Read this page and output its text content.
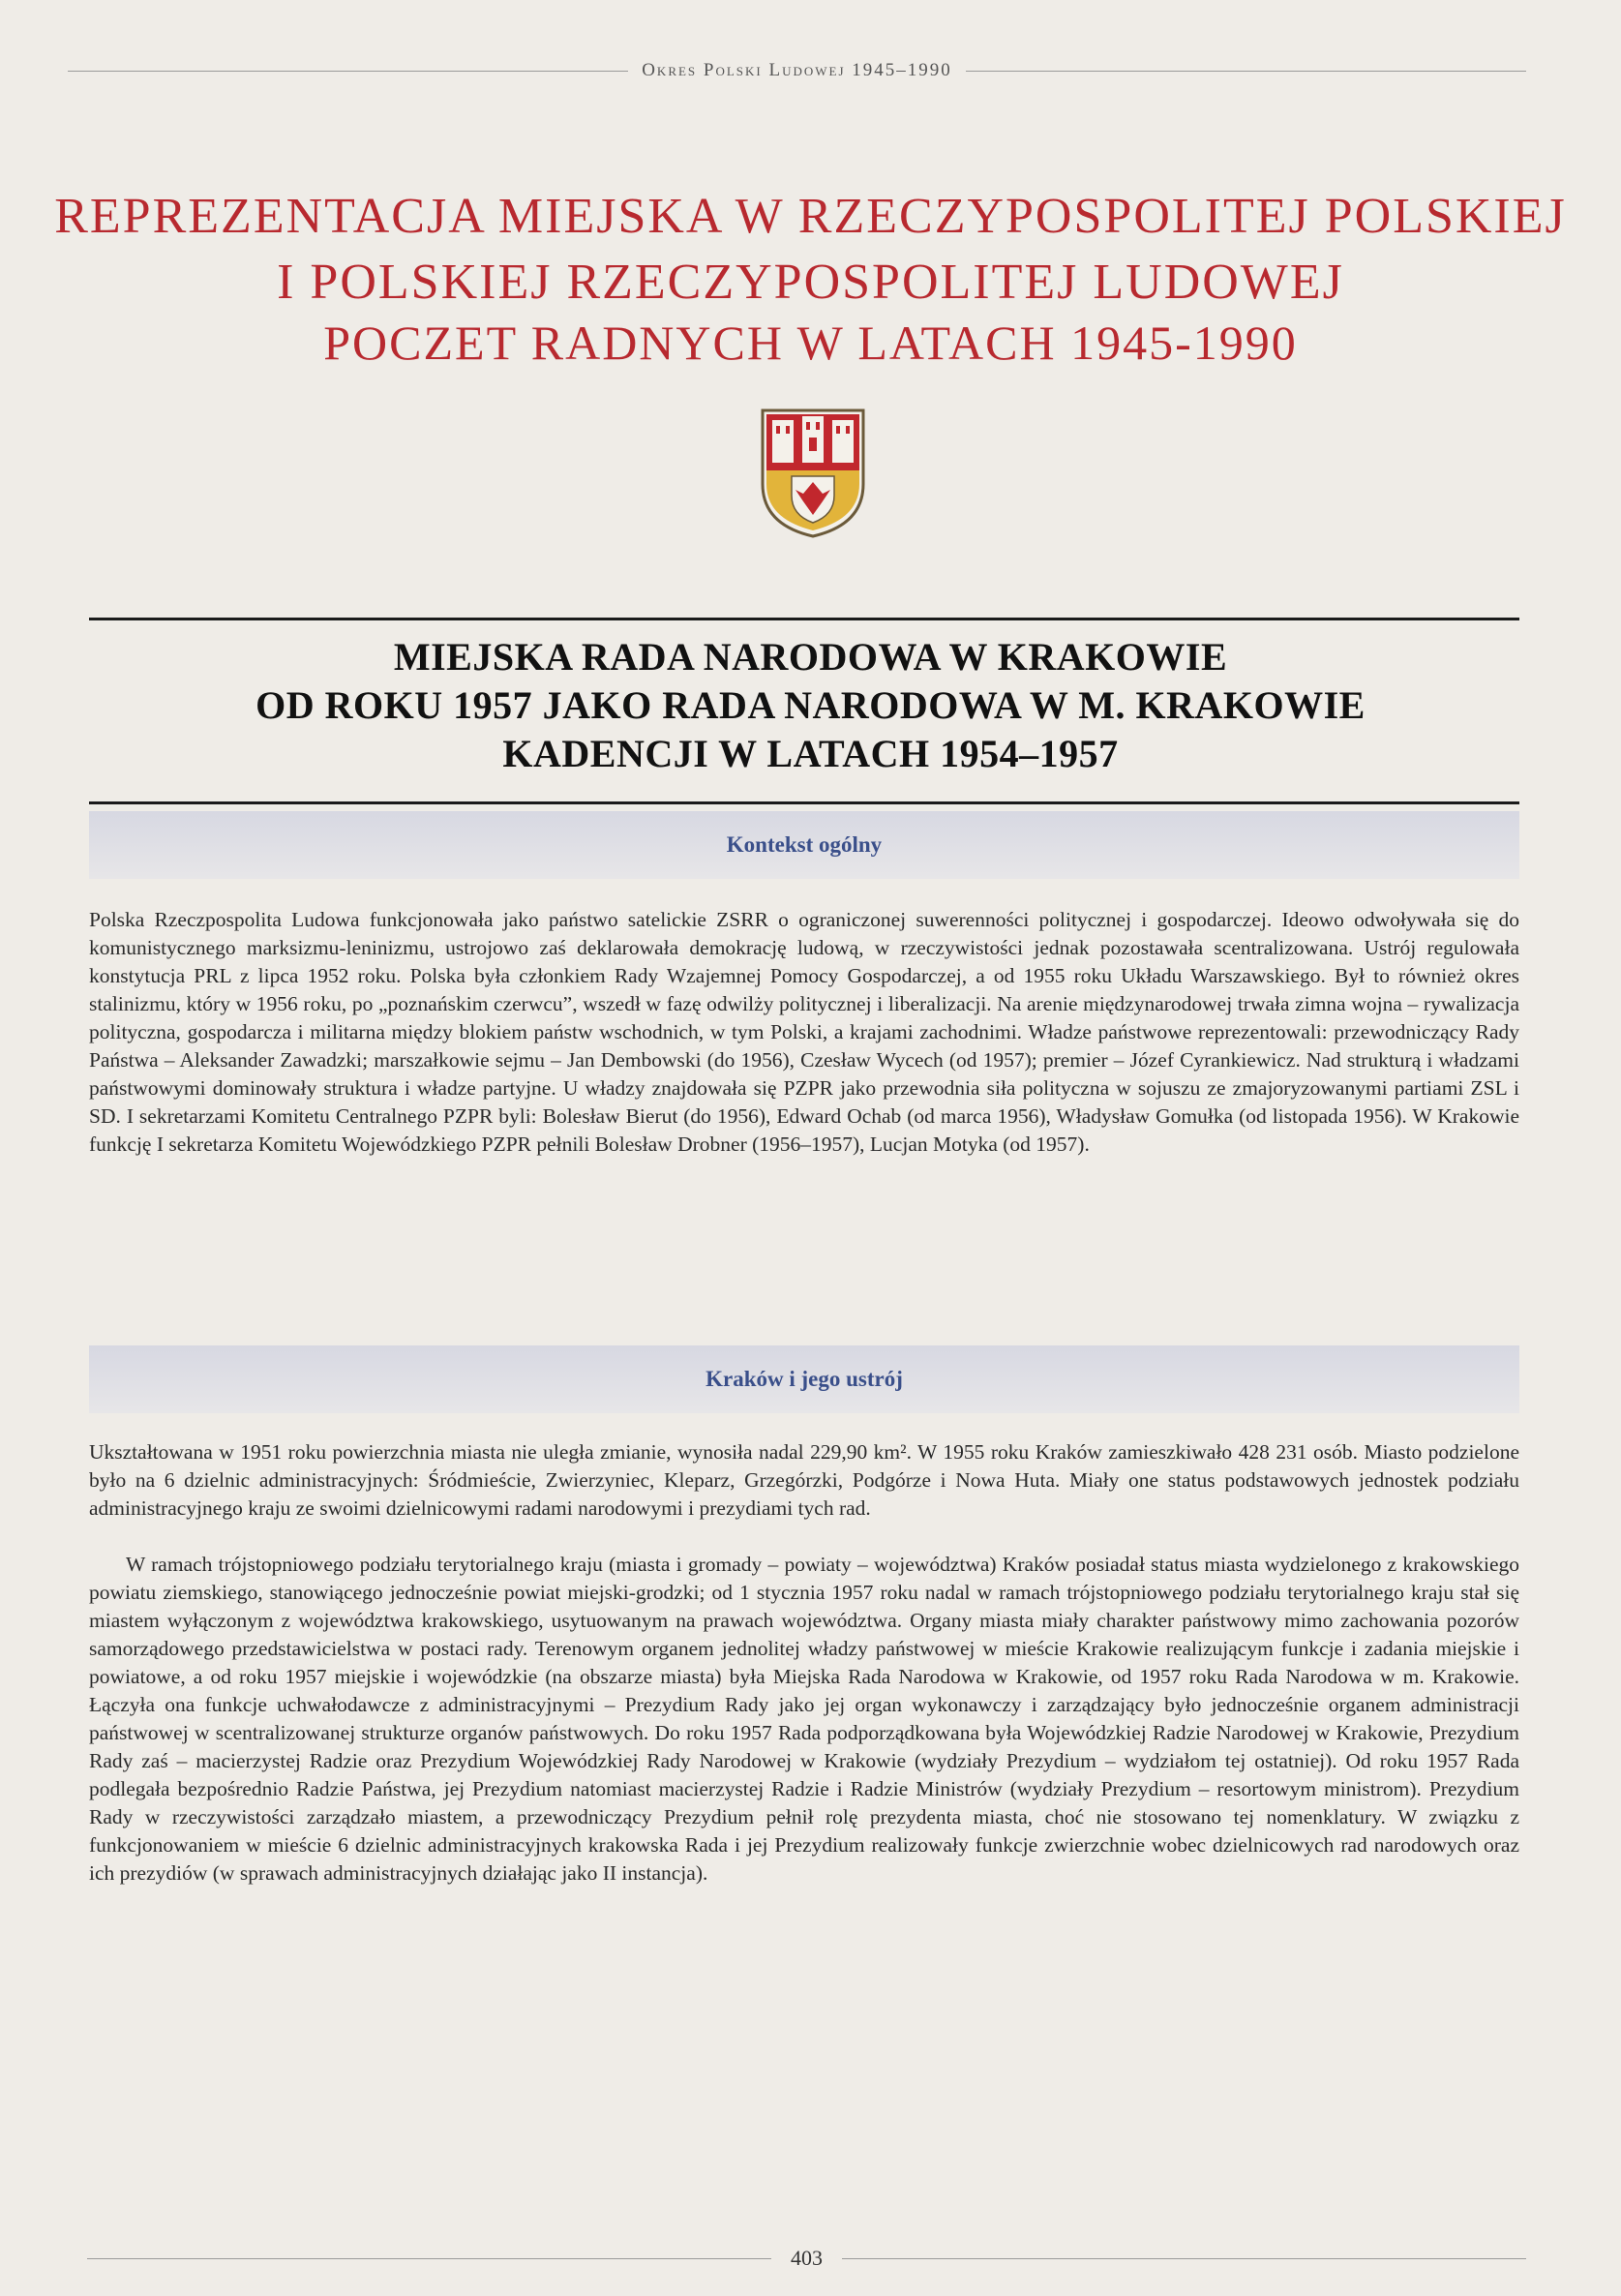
Okres Polski Ludowej 1945–1990
REPREZENTACJA MIEJSKA W RZECZYPOSPOLITEJ POLSKIEJ
I POLSKIEJ RZECZYPOSPOLITEJ LUDOWEJ
POCZET RADNYCH W LATACH 1945-1990
MIEJSKA RADA NARODOWA W KRAKOWIE
OD ROKU 1957 JAKO RADA NARODOWA W M. KRAKOWIE
KADENCJI W LATACH 1954–1957
Kontekst ogólny

Polska Rzeczpospolita Ludowa funkcjonowała jako państwo satelickie ZSRR o ograniczonej suwerenności politycznej i gospodarczej. Ideowo odwoływała się do komunistycznego marksizmu-leninizmu, ustrojowo zaś deklarowała demokrację ludową, w rzeczywistości jednak pozostawała scentralizowana. Ustrój regulowała konstytucja PRL z lipca 1952 roku. Polska była członkiem Rady Wzajemnej Pomocy Gospodarczej, a od 1955 roku Układu Warszawskiego. Był to również okres stalinizmu, który w 1956 roku, po „poznańskim czerwcu”, wszedł w fazę odwilży politycznej i liberalizacji. Na arenie międzynarodowej trwała zimna wojna – rywalizacja polityczna, gospodarcza i militarna między blokiem państw wschodnich, w tym Polski, a krajami zachodnimi. Władze państwowe reprezentowali: przewodniczący Rady Państwa – Aleksander Zawadzki; marszałkowie sejmu – Jan Dembowski (do 1956), Czesław Wycech (od 1957); premier – Józef Cyrankiewicz. Nad strukturą i władzami państwowymi dominowały struktura i władze partyjne. U władzy znajdowała się PZPR jako przewodnia siła polityczna w sojuszu ze zmajoryzowanymi partiami ZSL i SD. I sekretarzami Komitetu Centralnego PZPR byli: Bolesław Bierut (do 1956), Edward Ochab (od marca 1956), Władysław Gomułka (od listopada 1956). W Krakowie funkcję I sekretarza Komitetu Wojewódzkiego PZPR pełnili Bolesław Drobner (1956–1957), Lucjan Motyka (od 1957).

Kraków i jego ustrój

Ukształtowana w 1951 roku powierzchnia miasta nie uległa zmianie, wynosiła nadal 229,90 km². W 1955 roku Kraków zamieszkiwało 428 231 osób. Miasto podzielone było na 6 dzielnic administracyjnych: Śródmieście, Zwierzyniec, Kleparz, Grzegórzki, Podgórze i Nowa Huta. Miały one status podstawowych jednostek podziału administracyjnego kraju ze swoimi dzielnicowymi radami narodowymi i prezydiami tych rad.

W ramach trójstopniowego podziału terytorialnego kraju (miasta i gromady – powiaty – województwa) Kraków posiadał status miasta wydzielonego z krakowskiego powiatu ziemskiego, stanowiącego jednocześnie powiat miejski-grodzki; od 1 stycznia 1957 roku nadal w ramach trójstopniowego podziału terytorialnego kraju stał się miastem wyłączonym z województwa krakowskiego, usytuowanym na prawach województwa. Organy miasta miały charakter państwowy mimo zachowania pozorów samorządowego przedstawicielstwa w postaci rady. Terenowym organem jednolitej władzy państwowej w mieście Krakowie realizującym funkcje i zadania miejskie i powiatowe, a od roku 1957 miejskie i wojewódzkie (na obszarze miasta) była Miejska Rada Narodowa w Krakowie, od 1957 roku Rada Narodowa w m. Krakowie. Łączyła ona funkcje uchwałodawcze z administracyjnymi – Prezydium Rady jako jej organ wykonawczy i zarządzający było jednocześnie organem administracji państwowej w scentralizowanej strukturze organów państwowych. Do roku 1957 Rada podporządkowana była Wojewódzkiej Radzie Narodowej w Krakowie, Prezydium Rady zaś – macierzystej Radzie oraz Prezydium Wojewódzkiej Rady Narodowej w Krakowie (wydziały Prezydium – wydziałom tej ostatniej). Od roku 1957 Rada podlegała bezpośrednio Radzie Państwa, jej Prezydium natomiast macierzystej Radzie i Radzie Ministrów (wydziały Prezydium – resortowym ministrom). Prezydium Rady w rzeczywistości zarządzało miastem, a przewodniczący Prezydium pełnił rolę prezydenta miasta, choć nie stosowano tej nomenklatury. W związku z funkcjonowaniem w mieście 6 dzielnic administracyjnych krakowska Rada i jej Prezydium realizowały funkcje zwierzchnie wobec dzielnicowych rad narodowych oraz ich prezydiów (w sprawach administracyjnych działając jako II instancja).

403
